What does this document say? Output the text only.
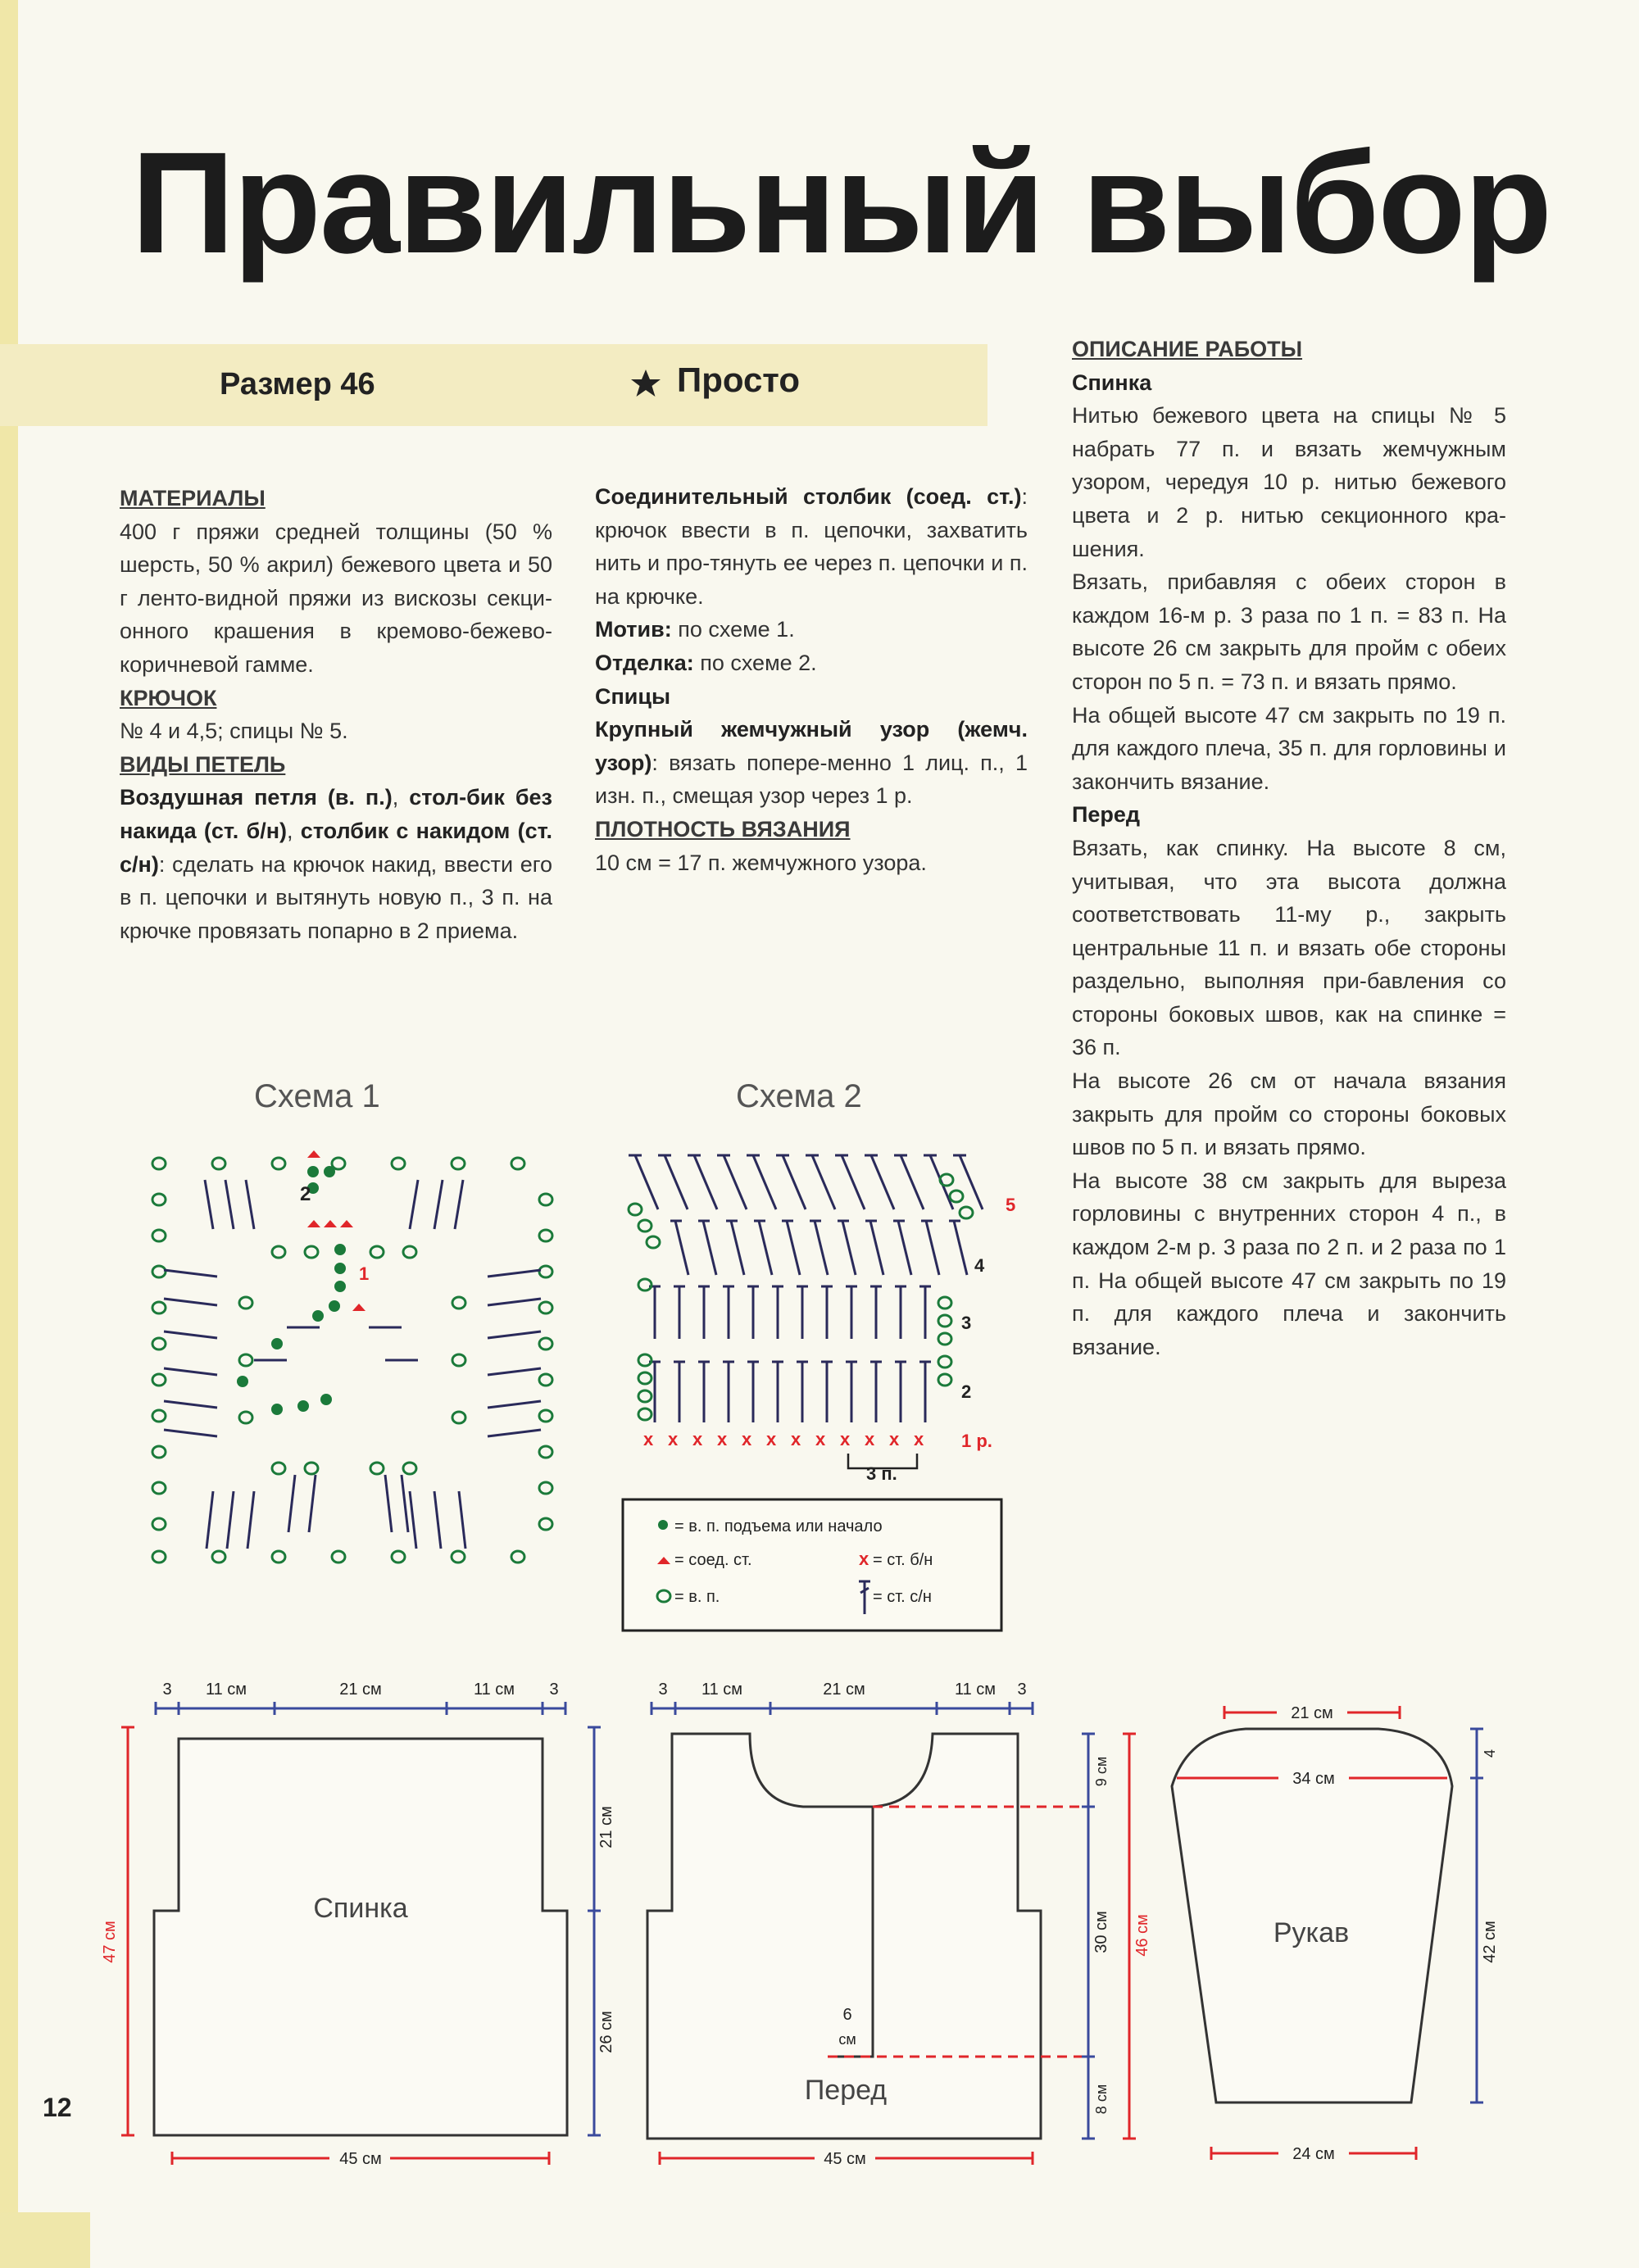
Правильный выбор
Размер 46	Просто
МАТЕРИАЛЫ

400 г пряжи средней толщины (50 % шерсть, 50 % акрил) бежевого цвета и 50 г ленто-видной пряжи из вискозы секци-онного крашения в кремово-бежево-коричневой гамме.

КРЮЧОК

№ 4 и 4,5; спицы № 5.

ВИДЫ ПЕТЕЛЬ

Воздушная петля (в. п.), стол-бик без накида (ст. б/н), столбик с накидом (ст. с/н): сделать на крючок накид, ввести его в п. цепочки и вытянуть новую п., 3 п. на крючке провязать попарно в 2 приема.

Соединительный столбик (соед. ст.): крючок ввести в п. цепочки, захватить нить и про-тянуть ее через п. цепочки и п. на крючке.

Мотив: по схеме 1.

Отделка: по схеме 2.

Спицы

Крупный жемчужный узор (жемч. узор): вязать попере-менно 1 лиц. п., 1 изн. п., смещая узор через 1 р.

ПЛОТНОСТЬ ВЯЗАНИЯ

10 см = 17 п. жемчужного узора.

ОПИСАНИЕ РАБОТЫ
Спинка

Нитью бежевого цвета на спицы № 5 набрать 77 п. и вязать жемчужным узором, чередуя 10 р. нитью бежевого цвета и 2 р. нитью секционного кра-шения.

Вязать, прибавляя с обеих сторон в каждом 16-м р. 3 раза по 1 п. = 83 п. На высоте 26 см закрыть для пройм с обеих сторон по 5 п. = 73 п. и вязать прямо.

На общей высоте 47 см закрыть по 19 п. для каждого плеча, 35 п. для горловины и закончить вязание.

Перед

Вязать, как спинку. На высоте 8 см, учитывая, что эта высота должна соответствовать 11-му р., закрыть центральные 11 п. и вязать обе стороны раздельно, выполняя при-бавления со стороны боковых швов, как на спинке = 36 п.

На высоте 26 см от начала вязания закрыть для пройм со стороны боковых швов по 5 п. и вязать прямо.

На высоте 38 см закрыть для выреза горловины с внутренних сторон 4 п., в каждом 2-м р. 3 раза по 2 п. и 2 раза по 1 п. На общей высоте 47 см закрыть по 19 п. для каждого плеча и закончить вязание.

Схема 1	Схема 2
2
1
x x x x x x x x x x x x
5
4
3
2
1 р.
3 п.
= в. п. подъема или начало
= соед. ст.	x = ст. б/н
= в. п.	= ст. с/н
3 11 см	21 см	11 см 3
Спинка
47 см
21 см
26 см
45 см
3 11 см	21 см	11 см 3
6
см
Перед
9 см
30 см
8 см
46 см
45 см
21 см
34 см
Рукав
4
42 см
24 см
12
